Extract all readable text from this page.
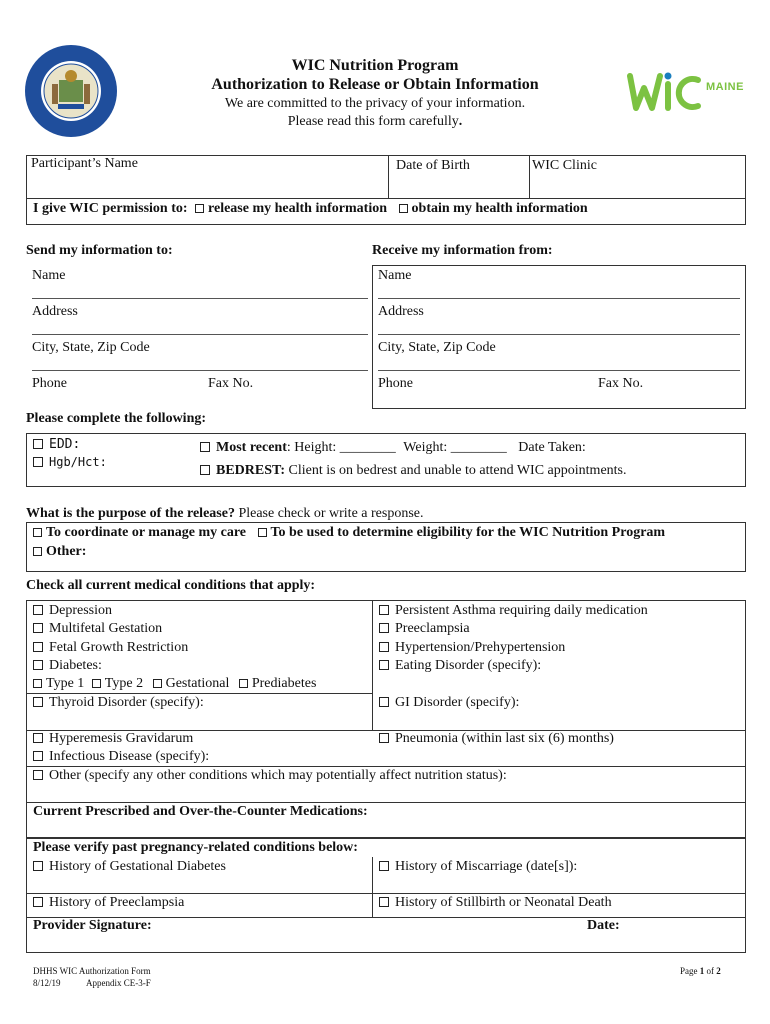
WIC Nutrition Program
Authorization to Release or Obtain Information
We are committed to the privacy of your information.
Please read this form carefully.
MAINE
Participant’s Name	Date of Birth	WIC Clinic
I give WIC permission to: release my health information obtain my health information
Send my information to:	Receive my information from:
Name
Address
City, State, Zip Code
Phone	Fax No.
Name
Address
City, State, Zip Code
Phone	Fax No.
Please complete the following:
EDD:
Hgb/Hct:
Most recent: Height: ________ Weight: ________ Date Taken:
BEDREST: Client is on bedrest and unable to attend WIC appointments.
What is the purpose of the release? Please check or write a response.
To coordinate or manage my care To be used to determine eligibility for the WIC Nutrition Program
Other:
Check all current medical conditions that apply:
Depression
Multifetal Gestation
Fetal Growth Restriction
Diabetes:
Type 1 Type 2 Gestational Prediabetes
Thyroid Disorder (specify):
Persistent Asthma requiring daily medication
Preeclampsia
Hypertension/Prehypertension
Eating Disorder (specify):
GI Disorder (specify):
Hyperemesis Gravidarum	Pneumonia (within last six (6) months)
Infectious Disease (specify):
Other (specify any other conditions which may potentially affect nutrition status):
Current Prescribed and Over-the-Counter Medications:
Please verify past pregnancy-related conditions below:
History of Gestational Diabetes	History of Miscarriage (date[s]):
History of Preeclampsia	History of Stillbirth or Neonatal Death
Provider Signature:	Date:
DHHS WIC Authorization Form
8/12/19	Appendix CE-3-F
Page 1 of 2
